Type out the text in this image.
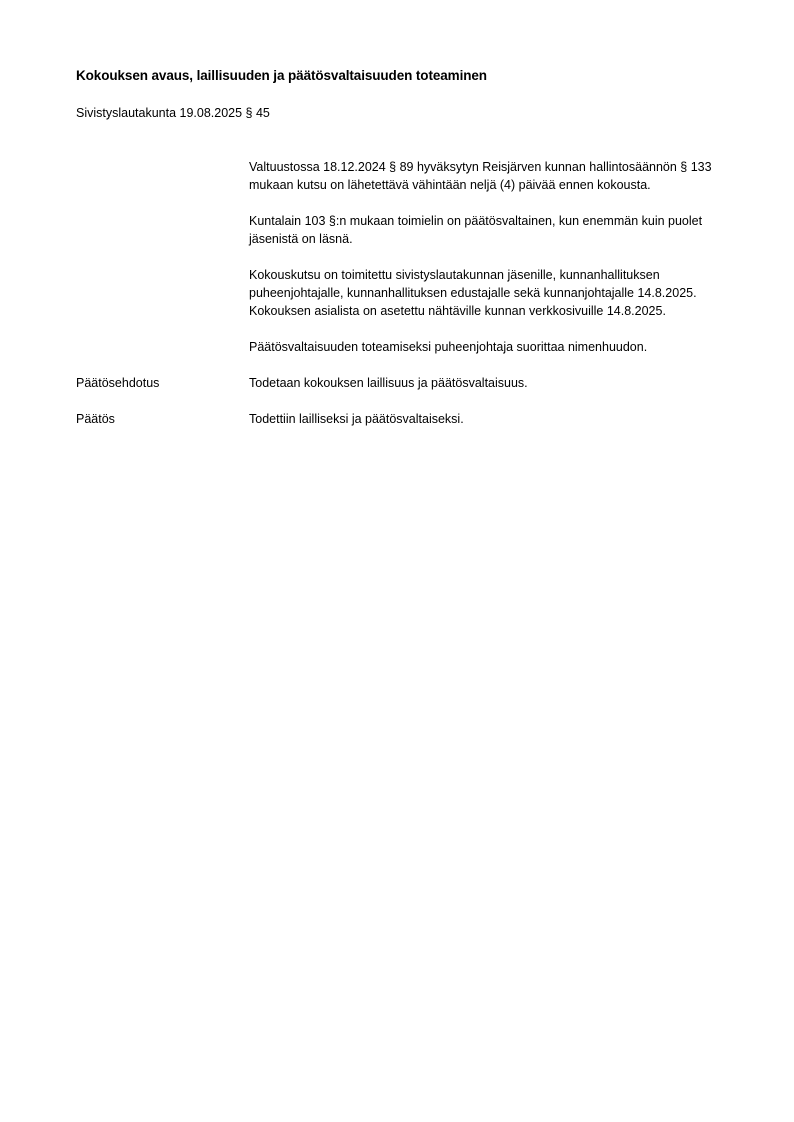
Kokouksen avaus, laillisuuden ja päätösvaltaisuuden toteaminen
Sivistyslautakunta 19.08.2025 § 45

Valtuustossa 18.12.2024 § 89 hyväksytyn Reisjärven kunnan hallintosäännön § 133 mukaan kutsu on lähetettävä vähintään neljä (4) päivää ennen kokousta.

Kuntalain 103 §:n mukaan toimielin on päätösvaltainen, kun enemmän kuin puolet jäsenistä on läsnä.

Kokouskutsu on toimitettu sivistyslautakunnan jäsenille, kunnanhallituksen puheenjohtajalle, kunnanhallituksen edustajalle sekä kunnanjohtajalle 14.8.2025. Kokouksen asialista on asetettu nähtäville kunnan verkkosivuille 14.8.2025.

Päätösvaltaisuuden toteamiseksi puheenjohtaja suorittaa nimenhuudon.

Päätösehdotus	Todetaan kokouksen laillisuus ja päätösvaltaisuus.
Päätös	Todettiin lailliseksi ja päätösvaltaiseksi.
